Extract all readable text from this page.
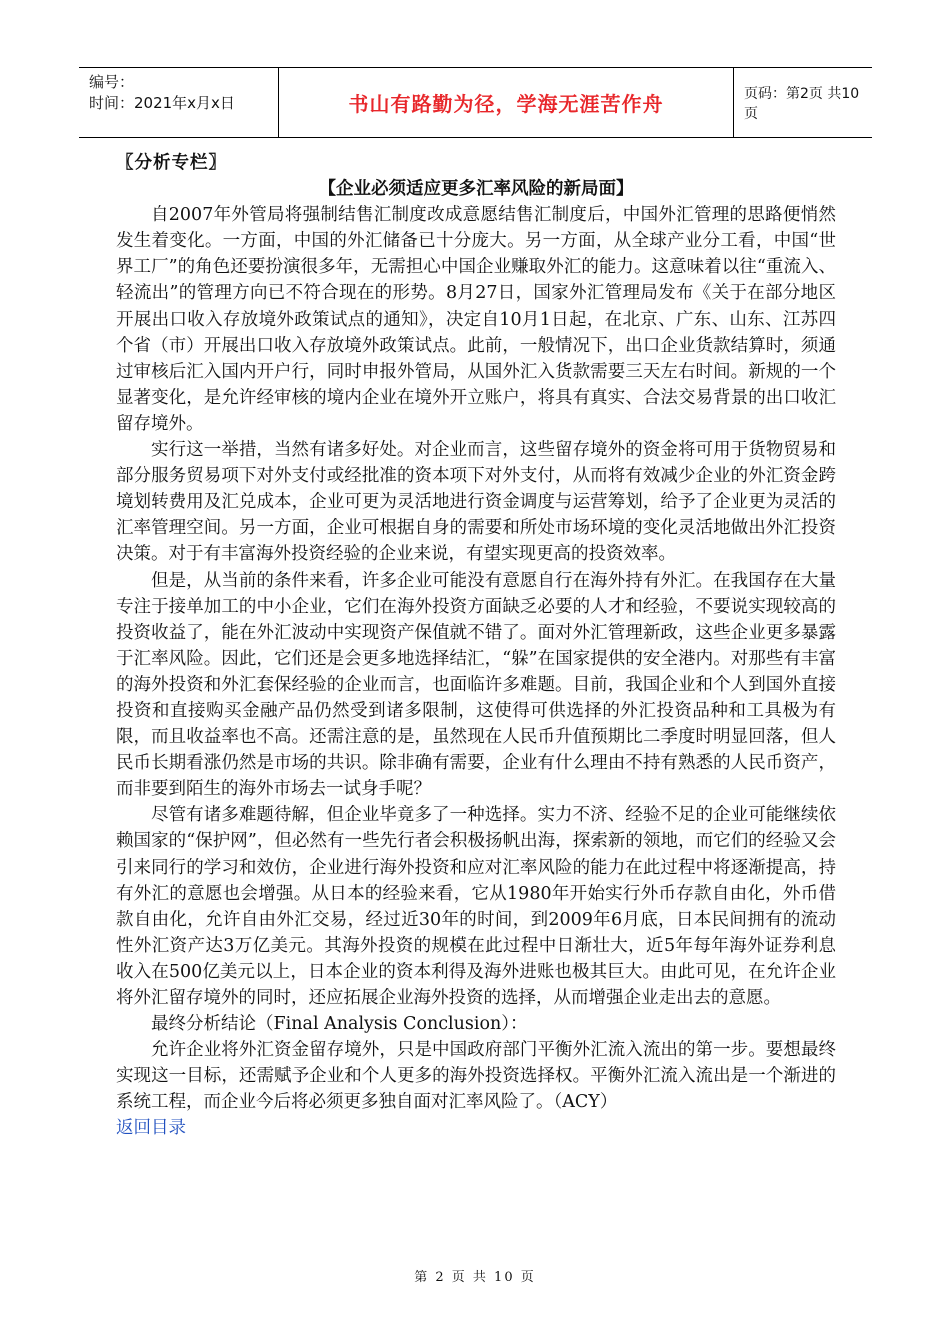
编号：
时间：2021年x月x日	书山有路勤为径，学海无涯苦作舟	页码：第2页 共10页
〖分析专栏〗
【企业必须适应更多汇率风险的新局面】

自2007年外管局将强制结售汇制度改成意愿结售汇制度后，中国外汇管理的思路便悄然发生着变化。一方面，中国的外汇储备已十分庞大。另一方面，从全球产业分工看，中国“世界工厂”的角色还要扮演很多年，无需担心中国企业赚取外汇的能力。这意味着以往“重流入、轻流出”的管理方向已不符合现在的形势。8月27日，国家外汇管理局发布《关于在部分地区开展出口收入存放境外政策试点的通知》，决定自10月1日起，在北京、广东、山东、江苏四个省（市）开展出口收入存放境外政策试点。此前，一般情况下，出口企业货款结算时，须通过审核后汇入国内开户行，同时申报外管局，从国外汇入货款需要三天左右时间。新规的一个显著变化，是允许经审核的境内企业在境外开立账户，将具有真实、合法交易背景的出口收汇留存境外。

实行这一举措，当然有诸多好处。对企业而言，这些留存境外的资金将可用于货物贸易和部分服务贸易项下对外支付或经批准的资本项下对外支付，从而将有效减少企业的外汇资金跨境划转费用及汇兑成本，企业可更为灵活地进行资金调度与运营筹划，给予了企业更为灵活的汇率管理空间。另一方面，企业可根据自身的需要和所处市场环境的变化灵活地做出外汇投资决策。对于有丰富海外投资经验的企业来说，有望实现更高的投资效率。

但是，从当前的条件来看，许多企业可能没有意愿自行在海外持有外汇。在我国存在大量专注于接单加工的中小企业，它们在海外投资方面缺乏必要的人才和经验，不要说实现较高的投资收益了，能在外汇波动中实现资产保值就不错了。面对外汇管理新政，这些企业更多暴露于汇率风险。因此，它们还是会更多地选择结汇，“躲”在国家提供的安全港内。对那些有丰富的海外投资和外汇套保经验的企业而言，也面临许多难题。目前，我国企业和个人到国外直接投资和直接购买金融产品仍然受到诸多限制，这使得可供选择的外汇投资品种和工具极为有限，而且收益率也不高。还需注意的是，虽然现在人民币升值预期比二季度时明显回落，但人民币长期看涨仍然是市场的共识。除非确有需要，企业有什么理由不持有熟悉的人民币资产，而非要到陌生的海外市场去一试身手呢？

尽管有诸多难题待解，但企业毕竟多了一种选择。实力不济、经验不足的企业可能继续依赖国家的“保护网”，但必然有一些先行者会积极扬帆出海，探索新的领地，而它们的经验又会引来同行的学习和效仿，企业进行海外投资和应对汇率风险的能力在此过程中将逐渐提高，持有外汇的意愿也会增强。从日本的经验来看，它从1980年开始实行外币存款自由化，外币借款自由化，允许自由外汇交易，经过近30年的时间，到2009年6月底，日本民间拥有的流动性外汇资产达3万亿美元。其海外投资的规模在此过程中日渐壮大，近5年每年海外证券利息收入在500亿美元以上，日本企业的资本利得及海外进账也极其巨大。由此可见，在允许企业将外汇留存境外的同时，还应拓展企业海外投资的选择，从而增强企业走出去的意愿。

最终分析结论（Final Analysis Conclusion）：

允许企业将外汇资金留存境外，只是中国政府部门平衡外汇流入流出的第一步。要想最终实现这一目标，还需赋予企业和个人更多的海外投资选择权。平衡外汇流入流出是一个渐进的系统工程，而企业今后将必须更多独自面对汇率风险了。（ACY）

返回目录
第 2 页 共 10 页
